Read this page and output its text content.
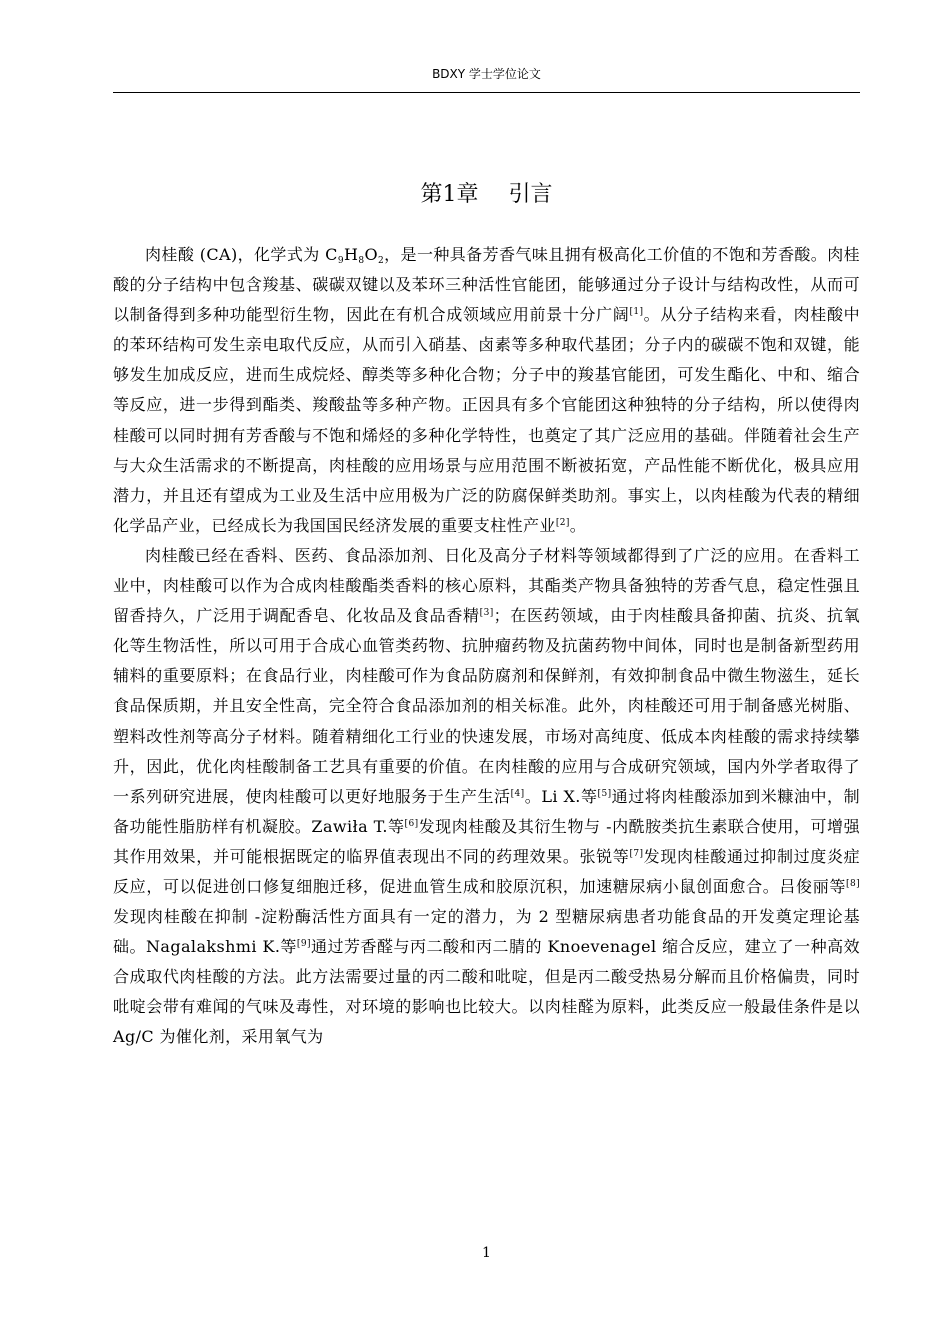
BDXY 学士学位论文
第1章 引言

肉桂酸 (CA)，化学式为 $C_9H_8O_2$，是一种具备芳香气味且拥有极高化工价值的不饱和芳香酸。肉桂酸的分子结构中包含羧基、碳碳双键以及苯环三种活性官能团，能够通过分子设计与结构改性，从而可以制备得到多种功能型衍生物，因此在有机合成领域应用前景十分广阔[1]。从分子结构来看，肉桂酸中的苯环结构可发生亲电取代反应，从而引入硝基、卤素等多种取代基团；分子内的碳碳不饱和双键，能够发生加成反应，进而生成烷烃、醇类等多种化合物；分子中的羧基官能团，可发生酯化、中和、缩合等反应，进一步得到酯类、羧酸盐等多种产物。正因具有多个官能团这种独特的分子结构，所以使得肉桂酸可以同时拥有芳香酸与不饱和烯烃的多种化学特性，也奠定了其广泛应用的基础。伴随着社会生产与大众生活需求的不断提高，肉桂酸的应用场景与应用范围不断被拓宽，产品性能不断优化，极具应用潜力，并且还有望成为工业及生活中应用极为广泛的防腐保鲜类助剂。事实上，以肉桂酸为代表的精细化学品产业，已经成长为我国国民经济发展的重要支柱性产业[2]。

肉桂酸已经在香料、医药、食品添加剂、日化及高分子材料等领域都得到了广泛的应用。在香料工业中，肉桂酸可以作为合成肉桂酸酯类香料的核心原料，其酯类产物具备独特的芳香气息，稳定性强且留香持久，广泛用于调配香皂、化妆品及食品香精[3]；在医药领域，由于肉桂酸具备抑菌、抗炎、抗氧化等生物活性，所以可用于合成心血管类药物、抗肿瘤药物及抗菌药物中间体，同时也是制备新型药用辅料的重要原料；在食品行业，肉桂酸可作为食品防腐剂和保鲜剂，有效抑制食品中微生物滋生，延长食品保质期，并且安全性高，完全符合食品添加剂的相关标准。此外，肉桂酸还可用于制备感光树脂、塑料改性剂等高分子材料。随着精细化工行业的快速发展，市场对高纯度、低成本肉桂酸的需求持续攀升，因此，优化肉桂酸制备工艺具有重要的价值。在肉桂酸的应用与合成研究领域，国内外学者取得了一系列研究进展，使肉桂酸可以更好地服务于生产生活[4]。Li X.等[5]通过将肉桂酸添加到米糠油中，制备功能性脂肪样有机凝胶。Zawiła T.等[6]发现肉桂酸及其衍生物与 -内酰胺类抗生素联合使用，可增强其作用效果，并可能根据既定的临界值表现出不同的药理效果。张锐等[7]发现肉桂酸通过抑制过度炎症反应，可以促进创口修复细胞迁移，促进血管生成和胶原沉积，加速糖尿病小鼠创面愈合。吕俊丽等[8]发现肉桂酸在抑制 -淀粉酶活性方面具有一定的潜力，为 2 型糖尿病患者功能食品的开发奠定理论基础。Nagalakshmi K.等[9]通过芳香醛与丙二酸和丙二腈的 Knoevenagel 缩合反应，建立了一种高效合成取代肉桂酸的方法。此方法需要过量的丙二酸和吡啶，但是丙二酸受热易分解而且价格偏贵，同时吡啶会带有难闻的气味及毒性，对环境的影响也比较大。以肉桂醛为原料，此类反应一般最佳条件是以 Ag/C 为催化剂，采用氧气为

1
